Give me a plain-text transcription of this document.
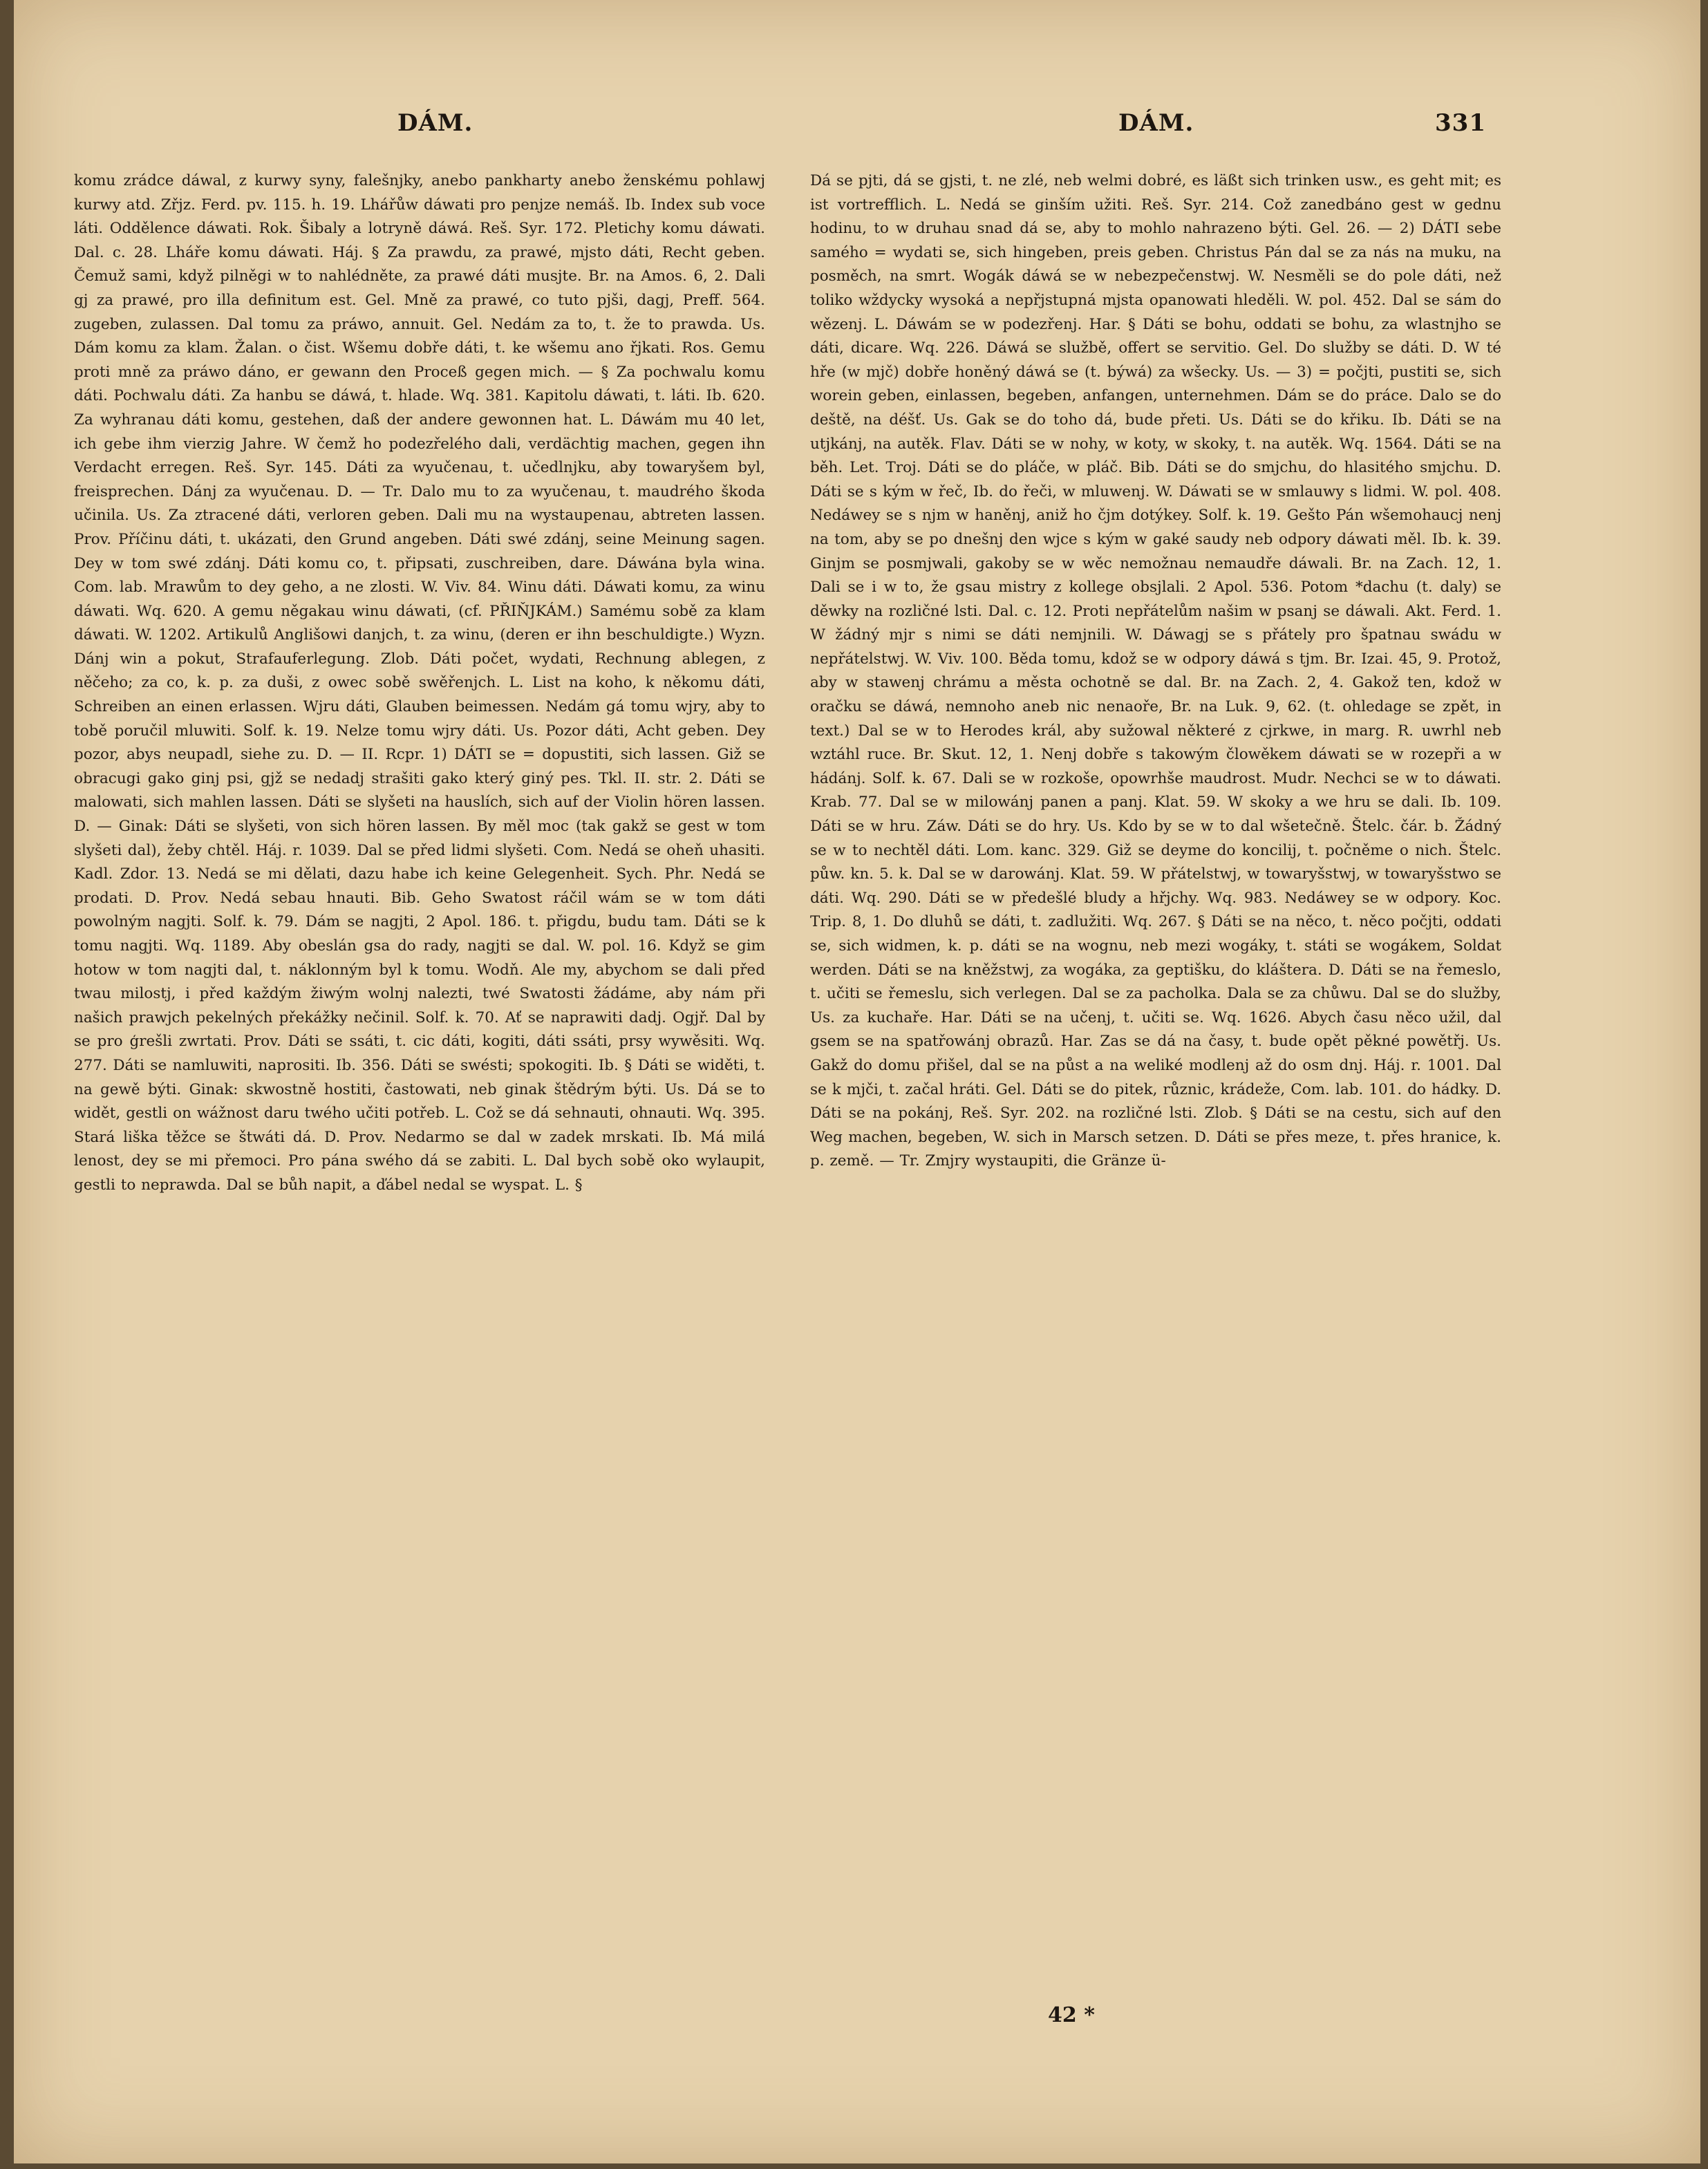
DÁM.	DÁM.	331
komu zrádce dáwal, z kurwy syny, falešnjky, anebo pankharty anebo ženskému pohlawj kurwy atd. Zřjz. Ferd. pv. 115. h. 19. Lhářůw dáwati pro penjze nemáš. Ib. Index sub voce láti. Oddělence dáwati. Rok. Šibaly a lotryně dáwá. Reš. Syr. 172. Pletichy komu dáwati. Dal. c. 28. Lháře komu dáwati. Háj. § Za prawdu, za prawé, mjsto dáti, Recht geben. Čemuž sami, když pilněgi w to nahlédněte, za prawé dáti musjte. Br. na Amos. 6, 2. Dali gj za prawé, pro illa definitum est. Gel. Mně za prawé, co tuto pjši, dagj, Preff. 564. zugeben, zulassen. Dal tomu za práwo, annuit. Gel. Nedám za to, t. že to prawda. Us. Dám komu za klam. Žalan. o čist. Wšemu dobře dáti, t. ke wšemu ano řjkati. Ros. Gemu proti mně za práwo dáno, er gewann den Proceß gegen mich. — § Za pochwalu komu dáti. Pochwalu dáti. Za hanbu se dáwá, t. hlade. Wq. 381. Kapitolu dáwati, t. láti. Ib. 620. Za wyhranau dáti komu, gestehen, daß der andere gewonnen hat. L. Dáwám mu 40 let, ich gebe ihm vierzig Jahre. W čemž ho podezřelého dali, verdächtig machen, gegen ihn Verdacht erregen. Reš. Syr. 145. Dáti za wyučenau, t. učedlnjku, aby towaryšem byl, freisprechen. Dánj za wyučenau. D. — Tr. Dalo mu to za wyučenau, t. maudrého škoda učinila. Us. Za ztracené dáti, verloren geben. Dali mu na wystaupenau, abtreten lassen. Prov. Příčinu dáti, t. ukázati, den Grund angeben. Dáti swé zdánj, seine Meinung sagen. Dey w tom swé zdánj. Dáti komu co, t. připsati, zuschreiben, dare. Dáwána byla wina. Com. lab. Mrawům to dey geho, a ne zlosti. W. Viv. 84. Winu dáti. Dáwati komu, za winu dáwati. Wq. 620. A gemu něgakau winu dáwati, (cf. PŘIŇJKÁM.) Samému sobě za klam dáwati. W. 1202. Artikulů Anglišowi danjch, t. za winu, (deren er ihn beschuldigte.) Wyzn. Dánj win a pokut, Strafauferlegung. Zlob. Dáti počet, wydati, Rechnung ablegen, z něčeho; za co, k. p. za duši, z owec sobě swěřenjch. L. List na koho, k někomu dáti, Schreiben an einen erlassen. Wjru dáti, Glauben beimessen. Nedám gá tomu wjry, aby to tobě poručil mluwiti. Solf. k. 19. Nelze tomu wjry dáti. Us. Pozor dáti, Acht geben. Dey pozor, abys neupadl, siehe zu. D. — II. Rcpr. 1) DÁTI se = dopustiti, sich lassen. Giž se obracugi gako ginj psi, gjž se nedadj strašiti gako který giný pes. Tkl. II. str. 2. Dáti se malowati, sich mahlen lassen. Dáti se slyšeti na hauslích, sich auf der Violin hören lassen. D. — Ginak: Dáti se slyšeti, von sich hören lassen. By měl moc (tak gakž se gest w tom slyšeti dal), žeby chtěl. Háj. r. 1039. Dal se před lidmi slyšeti. Com. Nedá se oheň uhasiti. Kadl. Zdor. 13. Nedá se mi dělati, dazu habe ich keine Gelegenheit. Sych. Phr. Nedá se prodati. D. Prov. Nedá sebau hnauti. Bib. Geho Swatost ráčil wám se w tom dáti powolným nagjti. Solf. k. 79. Dám se nagjti, 2 Apol. 186. t. přigdu, budu tam. Dáti se k tomu nagjti. Wq. 1189. Aby obeslán gsa do rady, nagjti se dal. W. pol. 16. Když se gim hotow w tom nagjti dal, t. náklonným byl k tomu. Wodň. Ale my, abychom se dali před twau milostj, i před každým žiwým wolnj nalezti, twé Swatosti žádáme, aby nám při našich prawjch pekelných překážky nečinil. Solf. k. 70. Ať se naprawiti dadj. Ogjř. Dal by se pro ģrešli zwrtati. Prov. Dáti se ssáti, t. cic dáti, kogiti, dáti ssáti, prsy wywěsiti. Wq. 277. Dáti se namluwiti, naprositi. Ib. 356. Dáti se swésti; spokogiti. Ib. § Dáti se widěti, t. na gewě býti. Ginak: skwostně hostiti, častowati, neb ginak štědrým býti. Us. Dá se to widět, gestli on wážnost daru twého učiti potřeb. L. Což se dá sehnauti, ohnauti. Wq. 395. Stará liška těžce se štwáti dá. D. Prov. Nedarmo se dal w zadek mrskati. Ib. Má milá lenost, dey se mi přemoci. Pro pána swého dá se zabiti. L. Dal bych sobě oko wylaupit, gestli to neprawda. Dal se bůh napit, a ďábel nedal se wyspat. L. §
Dá se pjti, dá se gjsti, t. ne zlé, neb welmi dobré, es läßt sich trinken usw., es geht mit; es ist vortrefflich. L. Nedá se ginším užiti. Reš. Syr. 214. Což zanedbáno gest w gednu hodinu, to w druhau snad dá se, aby to mohlo nahrazeno býti. Gel. 26. — 2) DÁTI sebe samého = wydati se, sich hingeben, preis geben. Christus Pán dal se za nás na muku, na posměch, na smrt. Wogák dáwá se w nebezpečenstwj. W. Nesměli se do pole dáti, než toliko wždycky wysoká a nepřjstupná mjsta opanowati hleděli. W. pol. 452. Dal se sám do wězenj. L. Dáwám se w podezřenj. Har. § Dáti se bohu, oddati se bohu, za wlastnjho se dáti, dicare. Wq. 226. Dáwá se službě, offert se servitio. Gel. Do služby se dáti. D. W té hře (w mjč) dobře honěný dáwá se (t. býwá) za wšecky. Us. — 3) = počjti, pustiti se, sich worein geben, einlassen, begeben, anfangen, unternehmen. Dám se do práce. Dalo se do deště, na déšť. Us. Gak se do toho dá, bude přeti. Us. Dáti se do křiku. Ib. Dáti se na utjkánj, na autěk. Flav. Dáti se w nohy, w koty, w skoky, t. na autěk. Wq. 1564. Dáti se na běh. Let. Troj. Dáti se do pláče, w pláč. Bib. Dáti se do smjchu, do hlasitého smjchu. D. Dáti se s kým w řeč, Ib. do řeči, w mluwenj. W. Dáwati se w smlauwy s lidmi. W. pol. 408. Nedáwey se s njm w haněnj, aniž ho čjm dotýkey. Solf. k. 19. Gešto Pán wšemohaucj nenj na tom, aby se po dnešnj den wjce s kým w gaké saudy neb odpory dáwati měl. Ib. k. 39. Ginjm se posmjwali, gakoby se w wěc nemožnau nemaudře dáwali. Br. na Zach. 12, 1. Dali se i w to, že gsau mistry z kollege obsjlali. 2 Apol. 536. Potom *dachu (t. daly) se děwky na rozličné lsti. Dal. c. 12. Proti nepřátelům našim w psanj se dáwali. Akt. Ferd. 1. W žádný mjr s nimi se dáti nemjnili. W. Dáwagj se s přátely pro špatnau swádu w nepřátelstwj. W. Viv. 100. Běda tomu, kdož se w odpory dáwá s tjm. Br. Izai. 45, 9. Protož, aby w stawenj chrámu a města ochotně se dal. Br. na Zach. 2, 4. Gakož ten, kdož w oračku se dáwá, nemnoho aneb nic nenaoře, Br. na Luk. 9, 62. (t. ohledage se zpět, in text.) Dal se w to Herodes král, aby sužowal některé z cjrkwe, in marg. R. uwrhl neb wztáhl ruce. Br. Skut. 12, 1. Nenj dobře s takowým člowěkem dáwati se w rozepři a w hádánj. Solf. k. 67. Dali se w rozkoše, opowrhše maudrost. Mudr. Nechci se w to dáwati. Krab. 77. Dal se w milowánj panen a panj. Klat. 59. W skoky a we hru se dali. Ib. 109. Dáti se w hru. Záw. Dáti se do hry. Us. Kdo by se w to dal wšetečně. Štelc. čár. b. Žádný se w to nechtěl dáti. Lom. kanc. 329. Giž se deyme do koncilij, t. počněme o nich. Štelc. půw. kn. 5. k. Dal se w darowánj. Klat. 59. W přátelstwj, w towaryšstwj, w towaryšstwo se dáti. Wq. 290. Dáti se w předešlé bludy a hřjchy. Wq. 983. Nedáwey se w odpory. Koc. Trip. 8, 1. Do dluhů se dáti, t. zadlužiti. Wq. 267. § Dáti se na něco, t. něco počjti, oddati se, sich widmen, k. p. dáti se na wognu, neb mezi wogáky, t. státi se wogákem, Soldat werden. Dáti se na kněžstwj, za wogáka, za geptišku, do kláštera. D. Dáti se na řemeslo, t. učiti se řemeslu, sich verlegen. Dal se za pacholka. Dala se za chůwu. Dal se do služby, Us. za kuchaře. Har. Dáti se na učenj, t. učiti se. Wq. 1626. Abych času něco užil, dal gsem se na spatřowánj obrazů. Har. Zas se dá na časy, t. bude opět pěkné powětřj. Us. Gakž do domu přišel, dal se na půst a na weliké modlenj až do osm dnj. Háj. r. 1001. Dal se k mjči, t. začal hráti. Gel. Dáti se do pitek, různic, krádeže, Com. lab. 101. do hádky. D. Dáti se na pokánj, Reš. Syr. 202. na rozličné lsti. Zlob. § Dáti se na cestu, sich auf den Weg machen, begeben, W. sich in Marsch setzen. D. Dáti se přes meze, t. přes hranice, k. p. země. — Tr. Zmjry wystaupiti, die Gränze ü-
42 *
